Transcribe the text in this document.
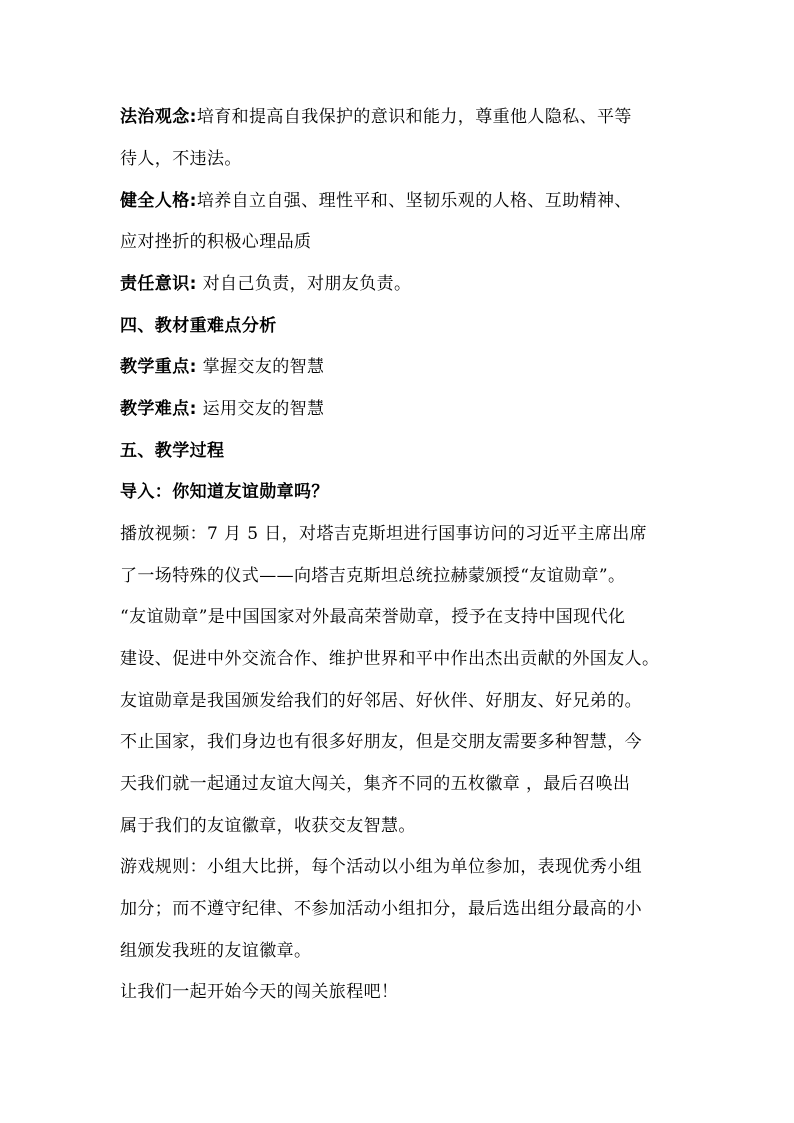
法治观念:培育和提高自我保护的意识和能力，尊重他人隐私、平等
待人，不违法。
健全人格:培养自立自强、理性平和、坚韧乐观的人格、互助精神、
应对挫折的积极心理品质
责任意识: 对自己负责，对朋友负责。
四、教材重难点分析
教学重点: 掌握交友的智慧
教学难点: 运用交友的智慧
五、教学过程
导入：你知道友谊勋章吗？
播放视频：7 月 5 日，对塔吉克斯坦进行国事访问的习近平主席出席
了一场特殊的仪式——向塔吉克斯坦总统拉赫蒙颁授“友谊勋章”。
“友谊勋章”是中国国家对外最高荣誉勋章，授予在支持中国现代化
建设、促进中外交流合作、维护世界和平中作出杰出贡献的外国友人。
友谊勋章是我国颁发给我们的好邻居、好伙伴、好朋友、好兄弟的。
不止国家，我们身边也有很多好朋友，但是交朋友需要多种智慧，今
天我们就一起通过友谊大闯关，集齐不同的五枚徽章 ，最后召唤出
属于我们的友谊徽章，收获交友智慧。
游戏规则：小组大比拼，每个活动以小组为单位参加，表现优秀小组
加分；而不遵守纪律、不参加活动小组扣分，最后选出组分最高的小
组颁发我班的友谊徽章。
让我们一起开始今天的闯关旅程吧！
